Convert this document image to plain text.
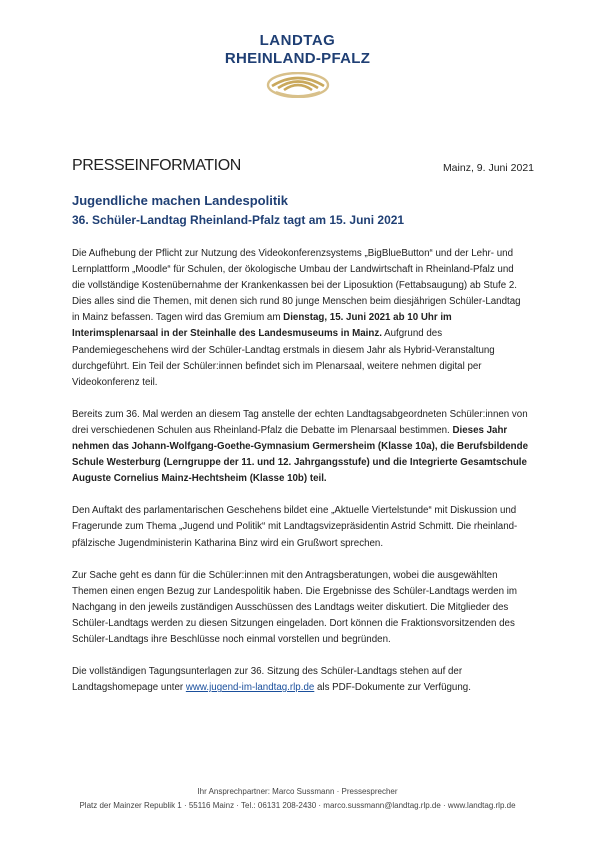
LANDTAG
RHEINLAND-PFALZ
PRESSEINFORMATION	Mainz, 9. Juni 2021
Jugendliche machen Landespolitik
36. Schüler-Landtag Rheinland-Pfalz tagt am 15. Juni 2021

Die Aufhebung der Pflicht zur Nutzung des Videokonferenzsystems „BigBlueButton“ und der Lehr- und Lernplattform „Moodle“ für Schulen, der ökologische Umbau der Landwirtschaft in Rheinland-Pfalz und die vollständige Kostenübernahme der Krankenkassen bei der Liposuktion (Fettabsaugung) ab Stufe 2. Dies alles sind die Themen, mit denen sich rund 80 junge Menschen beim diesjährigen Schüler-Landtag in Mainz befassen. Tagen wird das Gremium am Dienstag, 15. Juni 2021 ab 10 Uhr im Interimsplenarsaal in der Steinhalle des Landesmuseums in Mainz. Aufgrund des Pandemiegeschehens wird der Schüler-Landtag erstmals in diesem Jahr als Hybrid-Veranstaltung durchgeführt. Ein Teil der Schüler:innen befindet sich im Plenarsaal, weitere nehmen digital per Videokonferenz teil.

Bereits zum 36. Mal werden an diesem Tag anstelle der echten Landtagsabgeordneten Schüler:innen von drei verschiedenen Schulen aus Rheinland-Pfalz die Debatte im Plenarsaal bestimmen. Dieses Jahr nehmen das Johann-Wolfgang-Goethe-Gymnasium Germersheim (Klasse 10a), die Berufsbildende Schule Westerburg (Lerngruppe der 11. und 12. Jahrgangsstufe) und die Integrierte Gesamtschule Auguste Cornelius Mainz-Hechtsheim (Klasse 10b) teil.

Den Auftakt des parlamentarischen Geschehens bildet eine „Aktuelle Viertelstunde“ mit Diskussion und Fragerunde zum Thema „Jugend und Politik“ mit Landtagsvizepräsidentin Astrid Schmitt. Die rheinland-pfälzische Jugendministerin Katharina Binz wird ein Grußwort sprechen.

Zur Sache geht es dann für die Schüler:innen mit den Antragsberatungen, wobei die ausgewählten Themen einen engen Bezug zur Landespolitik haben. Die Ergebnisse des Schüler-Landtags werden im Nachgang in den jeweils zuständigen Ausschüssen des Landtags weiter diskutiert. Die Mitglieder des Schüler-Landtags werden zu diesen Sitzungen eingeladen. Dort können die Fraktionsvorsitzenden des Schüler-Landtags ihre Beschlüsse noch einmal vorstellen und begründen.

Die vollständigen Tagungsunterlagen zur 36. Sitzung des Schüler-Landtags stehen auf der Landtagshomepage unter www.jugend-im-landtag.rlp.de als PDF-Dokumente zur Verfügung.

Ihr Ansprechpartner: Marco Sussmann · Pressesprecher
Platz der Mainzer Republik 1 · 55116 Mainz · Tel.: 06131 208-2430 · marco.sussmann@landtag.rlp.de · www.landtag.rlp.de
